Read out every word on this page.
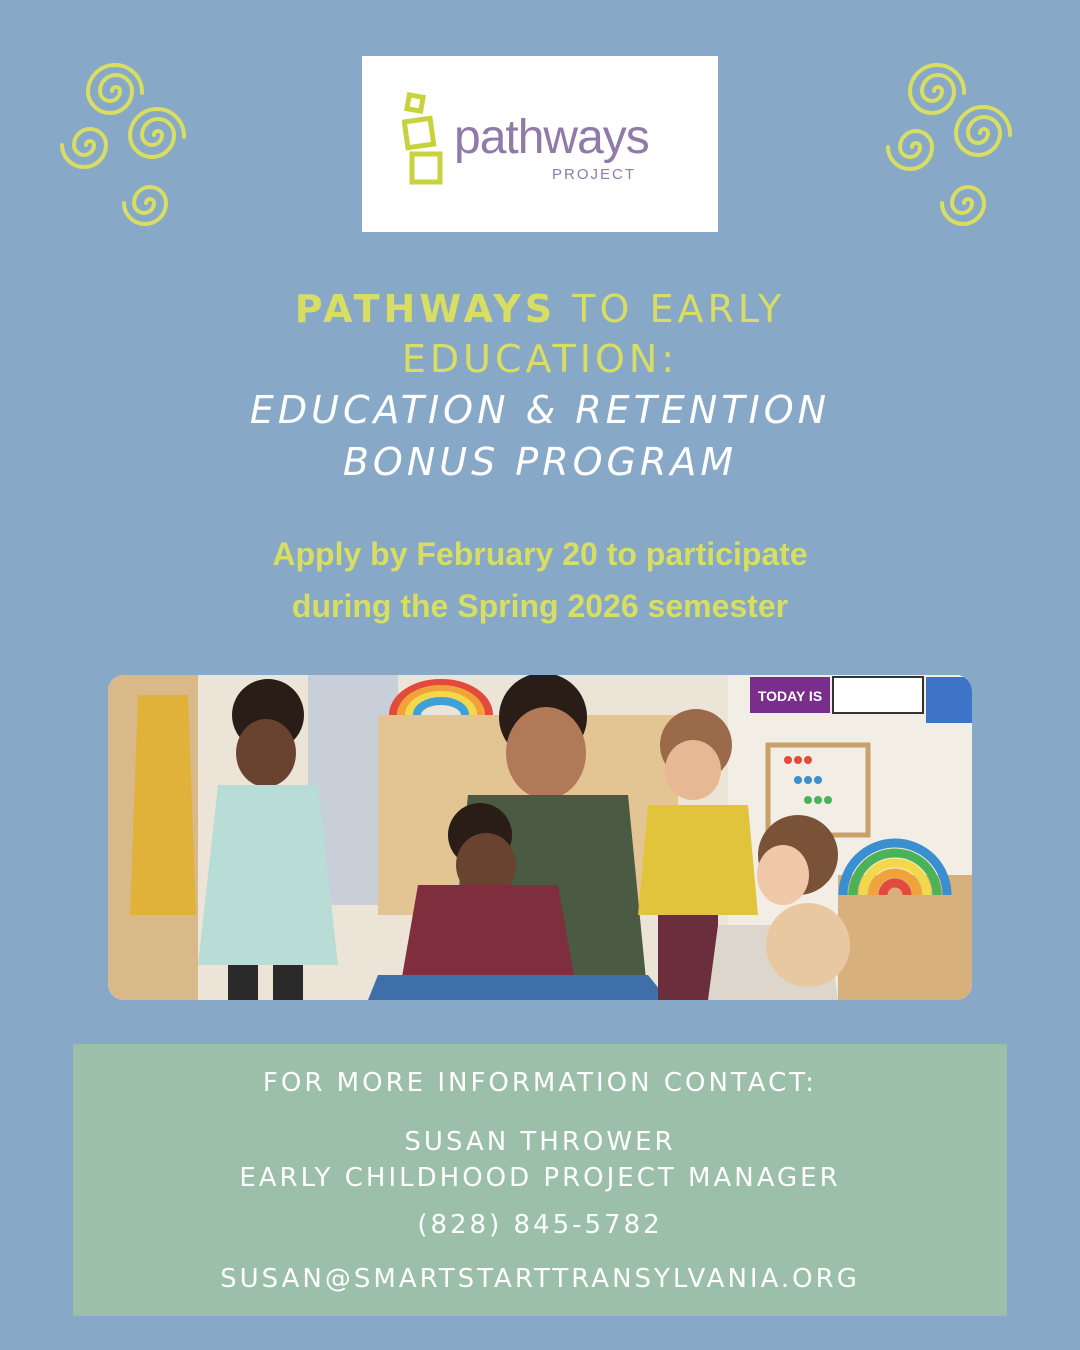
pathways
PROJECT
PATHWAYS TO EARLY
EDUCATION:
EDUCATION & RETENTION
BONUS PROGRAM
Apply by February 20 to participate
during the Spring 2026 semester
TODAY IS
FOR MORE INFORMATION CONTACT:
SUSAN THROWER
EARLY CHILDHOOD PROJECT MANAGER
(828) 845-5782
SUSAN@SMARTSTARTTRANSYLVANIA.ORG
